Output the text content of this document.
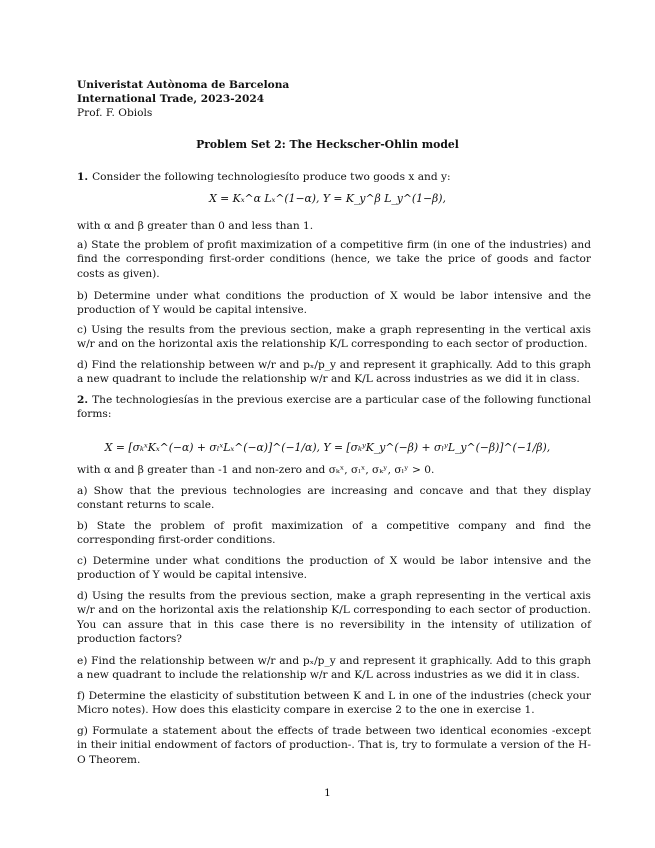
Univeristat Autònoma de Barcelona
International Trade, 2023-2024
Prof. F. Obiols
Problem Set 2: The Heckscher-Ohlin model
1. Consider the following technologiesíto produce two goods x and y:
X = Kₓ^α Lₓ^(1−α), Y = K_y^β L_y^(1−β),
with α and β greater than 0 and less than 1.
a) State the problem of profit maximization of a competitive firm (in one of the industries) and find the corresponding first-order conditions (hence, we take the price of goods and factor costs as given).
b) Determine under what conditions the production of X would be labor intensive and the production of Y would be capital intensive.
c) Using the results from the previous section, make a graph representing in the vertical axis w/r and on the horizontal axis the relationship K/L corresponding to each sector of production.
d) Find the relationship between w/r and pₓ/p_y and represent it graphically. Add to this graph a new quadrant to include the relationship w/r and K/L across industries as we did it in class.
2. The technologiesías in the previous exercise are a particular case of the following functional forms:
X = [σₖˣKₓ^(−α) + σₗˣLₓ^(−α)]^(−1/α), Y = [σₖʸK_y^(−β) + σₗʸL_y^(−β)]^(−1/β),
with α and β greater than -1 and non-zero and σₖˣ, σₗˣ, σₖʸ, σₗʸ > 0.
a) Show that the previous technologies are increasing and concave and that they display constant returns to scale.
b) State the problem of profit maximization of a competitive company and find the corresponding first-order conditions.
c) Determine under what conditions the production of X would be labor intensive and the production of Y would be capital intensive.
d) Using the results from the previous section, make a graph representing in the vertical axis w/r and on the horizontal axis the relationship K/L corresponding to each sector of production. You can assure that in this case there is no reversibility in the intensity of utilization of production factors?
e) Find the relationship between w/r and pₓ/p_y and represent it graphically. Add to this graph a new quadrant to include the relationship w/r and K/L across industries as we did it in class.
f) Determine the elasticity of substitution between K and L in one of the industries (check your Micro notes). How does this elasticity compare in exercise 2 to the one in exercise 1.
g) Formulate a statement about the effects of trade between two identical economies -except in their initial endowment of factors of production-. That is, try to formulate a version of the H-O Theorem.
1
